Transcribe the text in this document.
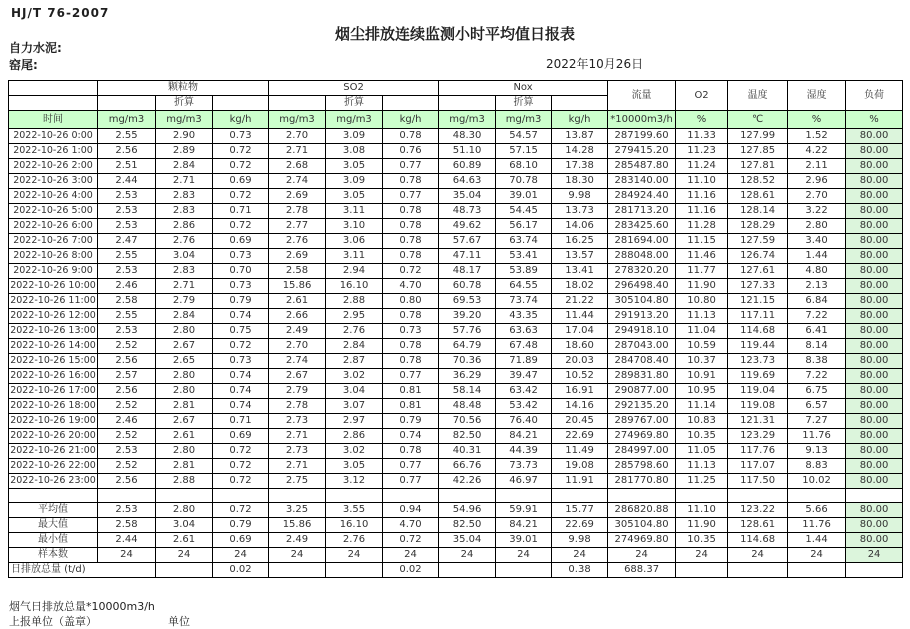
HJ/T 76-2007
烟尘排放连续监测小时平均值日报表
自力水泥:
窑尾:	2022年10月26日
	颗粒物			SO2			Nox			流量	O2	温度	湿度	负荷
		折算			折算			折算						
时间	mg/m3	mg/m3	kg/h	mg/m3	mg/m3	kg/h	mg/m3	mg/m3	kg/h	*10000m3/h	%	℃	%	%
2022-10-26 0:00	2.55	2.90	0.73	2.70	3.09	0.78	48.30	54.57	13.87	287199.60	11.33	127.99	1.52	80.00
2022-10-26 1:00	2.56	2.89	0.72	2.71	3.08	0.76	51.10	57.15	14.28	279415.20	11.23	127.85	4.22	80.00
2022-10-26 2:00	2.51	2.84	0.72	2.68	3.05	0.77	60.89	68.10	17.38	285487.80	11.24	127.81	2.11	80.00
2022-10-26 3:00	2.44	2.71	0.69	2.74	3.09	0.78	64.63	70.78	18.30	283140.00	11.10	128.52	2.96	80.00
2022-10-26 4:00	2.53	2.83	0.72	2.69	3.05	0.77	35.04	39.01	9.98	284924.40	11.16	128.61	2.70	80.00
2022-10-26 5:00	2.53	2.83	0.71	2.78	3.11	0.78	48.73	54.45	13.73	281713.20	11.16	128.14	3.22	80.00
2022-10-26 6:00	2.53	2.86	0.72	2.77	3.10	0.78	49.62	56.17	14.06	283425.60	11.28	128.29	2.80	80.00
2022-10-26 7:00	2.47	2.76	0.69	2.76	3.06	0.78	57.67	63.74	16.25	281694.00	11.15	127.59	3.40	80.00
2022-10-26 8:00	2.55	3.04	0.73	2.69	3.11	0.78	47.11	53.41	13.57	288048.00	11.46	126.74	1.44	80.00
2022-10-26 9:00	2.53	2.83	0.70	2.58	2.94	0.72	48.17	53.89	13.41	278320.20	11.77	127.61	4.80	80.00
2022-10-26 10:00	2.46	2.71	0.73	15.86	16.10	4.70	60.78	64.55	18.02	296498.40	11.90	127.33	2.13	80.00
2022-10-26 11:00	2.58	2.79	0.79	2.61	2.88	0.80	69.53	73.74	21.22	305104.80	10.80	121.15	6.84	80.00
2022-10-26 12:00	2.55	2.84	0.74	2.66	2.95	0.78	39.20	43.35	11.44	291913.20	11.13	117.11	7.22	80.00
2022-10-26 13:00	2.53	2.80	0.75	2.49	2.76	0.73	57.76	63.63	17.04	294918.10	11.04	114.68	6.41	80.00
2022-10-26 14:00	2.52	2.67	0.72	2.70	2.84	0.78	64.79	67.48	18.60	287043.00	10.59	119.44	8.14	80.00
2022-10-26 15:00	2.56	2.65	0.73	2.74	2.87	0.78	70.36	71.89	20.03	284708.40	10.37	123.73	8.38	80.00
2022-10-26 16:00	2.57	2.80	0.74	2.67	3.02	0.77	36.29	39.47	10.52	289831.80	10.91	119.69	7.22	80.00
2022-10-26 17:00	2.56	2.80	0.74	2.79	3.04	0.81	58.14	63.42	16.91	290877.00	10.95	119.04	6.75	80.00
2022-10-26 18:00	2.52	2.81	0.74	2.78	3.07	0.81	48.48	53.42	14.16	292135.20	11.14	119.08	6.57	80.00
2022-10-26 19:00	2.46	2.67	0.71	2.73	2.97	0.79	70.56	76.40	20.45	289767.00	10.83	121.31	7.27	80.00
2022-10-26 20:00	2.52	2.61	0.69	2.71	2.86	0.74	82.50	84.21	22.69	274969.80	10.35	123.29	11.76	80.00
2022-10-26 21:00	2.53	2.80	0.72	2.73	3.02	0.78	40.31	44.39	11.49	284997.00	11.05	117.76	9.13	80.00
2022-10-26 22:00	2.52	2.81	0.72	2.71	3.05	0.77	66.76	73.73	19.08	285798.60	11.13	117.07	8.83	80.00
2022-10-26 23:00	2.56	2.88	0.72	2.75	3.12	0.77	42.26	46.97	11.91	281770.80	11.25	117.50	10.02	80.00

平均值	2.53	2.80	0.72	3.25	3.55	0.94	54.96	59.91	15.77	286820.88	11.10	123.22	5.66	80.00
最大值	2.58	3.04	0.79	15.86	16.10	4.70	82.50	84.21	22.69	305104.80	11.90	128.61	11.76	80.00
最小值	2.44	2.61	0.69	2.49	2.76	0.72	35.04	39.01	9.98	274969.80	10.35	114.68	1.44	80.00
样本数	24	24	24	24	24	24	24	24	24	24	24	24	24	24
日排放总量 (t/d)			0.02			0.02			0.38	688.37				
烟气日排放总量*10000m3/h
上报单位（盖章）	单位
